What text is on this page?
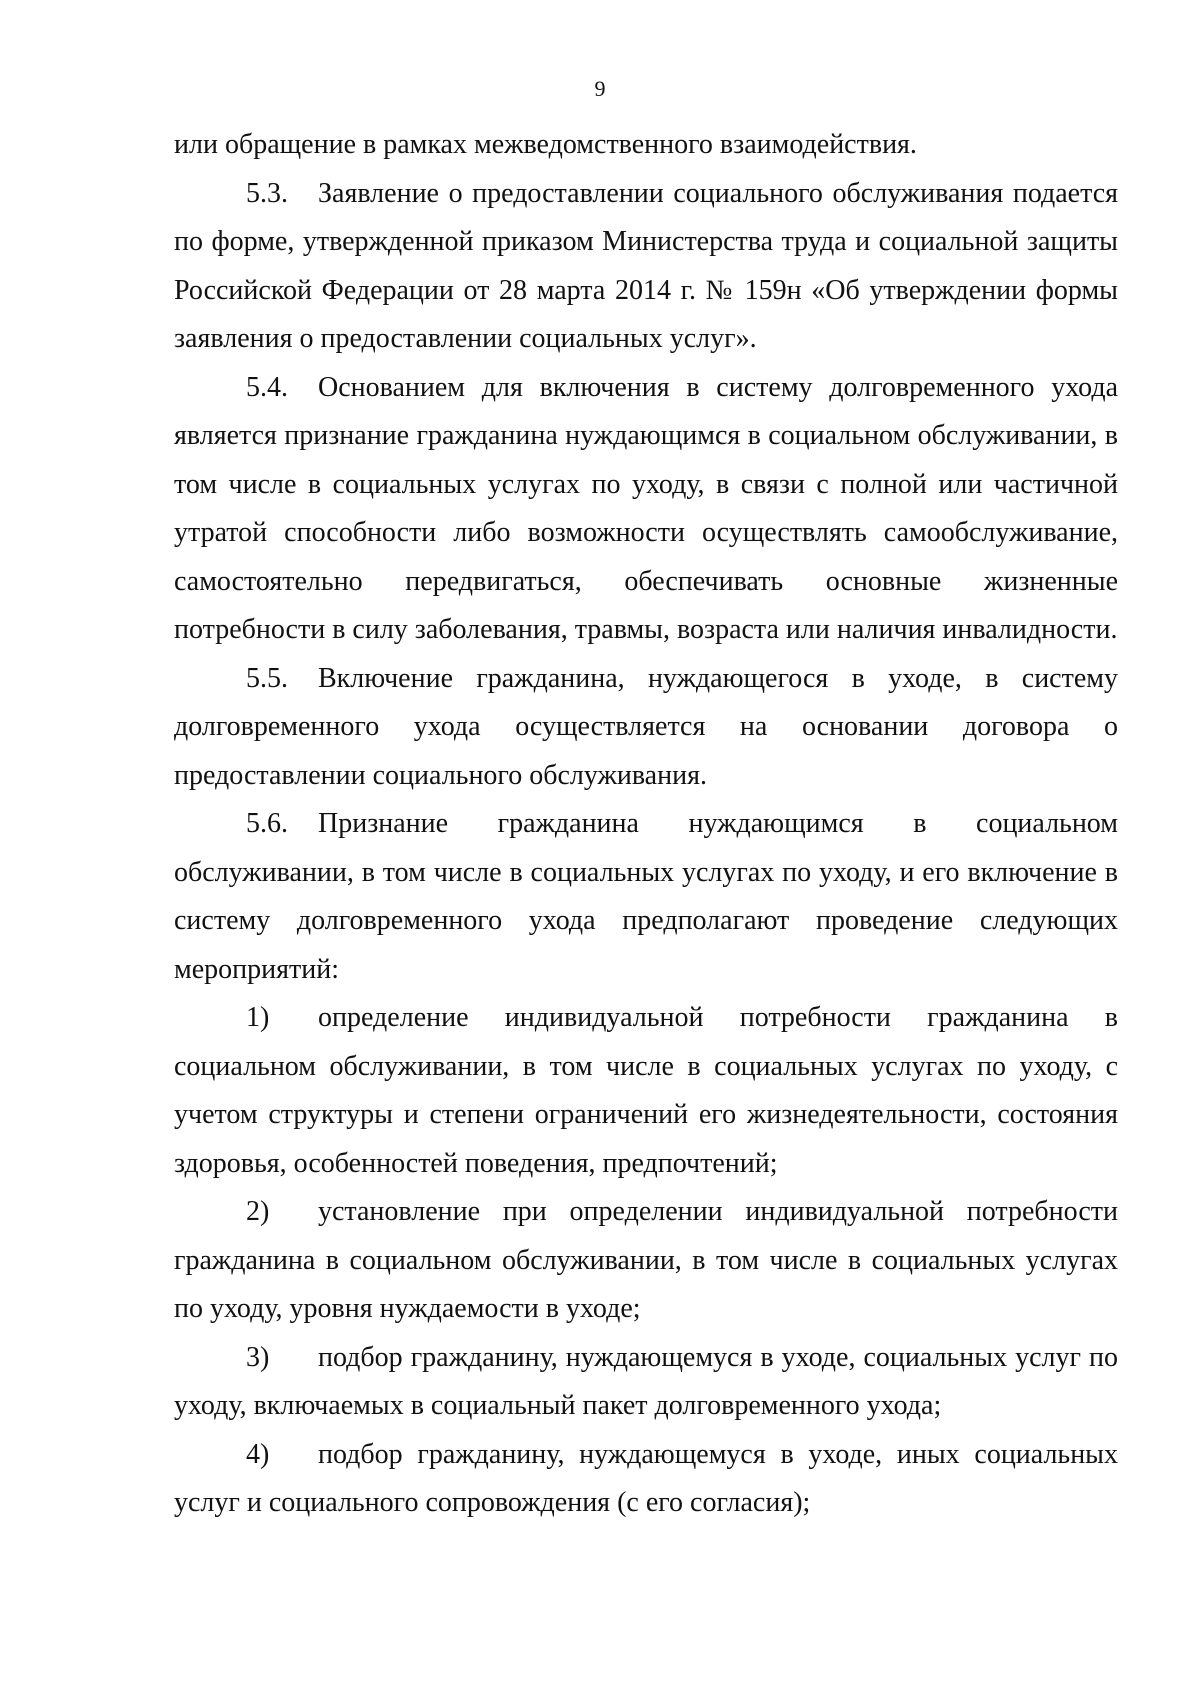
9

или обращение в рамках межведомственного взаимодействия.

5.3. Заявление о предоставлении социального обслуживания подается по форме, утвержденной приказом Министерства труда и социальной защиты Российской Федерации от 28 марта 2014 г. № 159н «Об утверждении формы заявления о предоставлении социальных услуг».

5.4. Основанием для включения в систему долговременного ухода является признание гражданина нуждающимся в социальном обслуживании, в том числе в социальных услугах по уходу, в связи с полной или частичной утратой способности либо возможности осуществлять самообслуживание, самостоятельно передвигаться, обеспечивать основные жизненные потребности в силу заболевания, травмы, возраста или наличия инвалидности.

5.5. Включение гражданина, нуждающегося в уходе, в систему долговременного ухода осуществляется на основании договора о предоставлении социального обслуживания.

5.6. Признание гражданина нуждающимся в социальном обслуживании, в том числе в социальных услугах по уходу, и его включение в систему долговременного ухода предполагают проведение следующих мероприятий:

1) определение индивидуальной потребности гражданина в социальном обслуживании, в том числе в социальных услугах по уходу, с учетом структуры и степени ограничений его жизнедеятельности, состояния здоровья, особенностей поведения, предпочтений;

2) установление при определении индивидуальной потребности гражданина в социальном обслуживании, в том числе в социальных услугах по уходу, уровня нуждаемости в уходе;

3) подбор гражданину, нуждающемуся в уходе, социальных услуг по уходу, включаемых в социальный пакет долговременного ухода;

4) подбор гражданину, нуждающемуся в уходе, иных социальных услуг и социального сопровождения (с его согласия);
